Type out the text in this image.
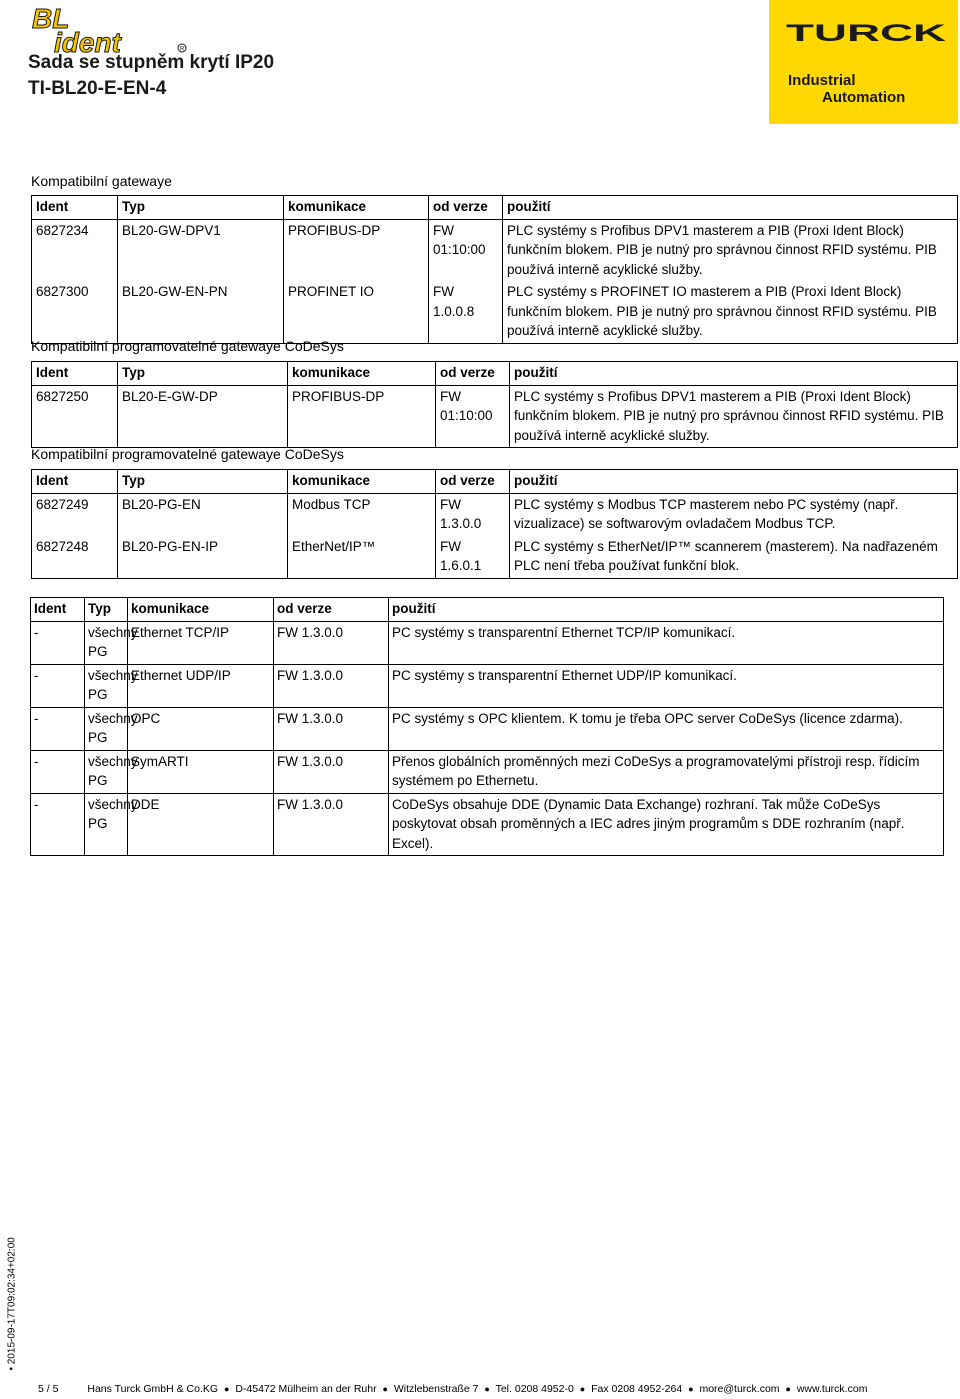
BL
ident	R
Sada se stupněm krytí IP20
TI-BL20-E-EN-4
TURCK
Industrial
Automation
Kompatibilní gatewaye
Ident	Typ	komunikace	od verze	použití
6827234	BL20-GW-DPV1	PROFIBUS-DP	FW 01:10:00	PLC systémy s Profibus DPV1 masterem a PIB (Proxi Ident Block) funkčním blokem. PIB je nutný pro správnou činnost RFID systému. PIB používá interně acyklické služby.
6827300	BL20-GW-EN-PN	PROFINET IO	FW 1.0.0.8	PLC systémy s PROFINET IO masterem a PIB (Proxi Ident Block) funkčním blokem. PIB je nutný pro správnou činnost RFID systému. PIB používá interně acyklické služby.
Kompatibilní programovatelné gatewaye CoDeSys
Ident	Typ	komunikace	od verze	použití
6827250	BL20-E-GW-DP	PROFIBUS-DP	FW 01:10:00	PLC systémy s Profibus DPV1 masterem a PIB (Proxi Ident Block) funkčním blokem. PIB je nutný pro správnou činnost RFID systému. PIB používá interně acyklické služby.
Kompatibilní programovatelné gatewaye CoDeSys
Ident	Typ	komunikace	od verze	použití
6827249	BL20-PG-EN	Modbus TCP	FW 1.3.0.0	PLC systémy s Modbus TCP masterem nebo PC systémy (např. vizualizace) se softwarovým ovladačem Modbus TCP.
6827248	BL20-PG-EN-IP	EtherNet/IP™	FW 1.6.0.1	PLC systémy s EtherNet/IP™ scannerem (masterem). Na nadřazeném PLC není třeba používat funkční blok.
Ident	Typ	komunikace	od verze	použití
-	všechny PG	Ethernet TCP/IP	FW 1.3.0.0	PC systémy s transparentní Ethernet TCP/IP komunikací.
-	všechny PG	Ethernet UDP/IP	FW 1.3.0.0	PC systémy s transparentní Ethernet UDP/IP komunikací.
-	všechny PG	OPC	FW 1.3.0.0	PC systémy s OPC klientem. K tomu je třeba OPC server CoDeSys (licence zdarma).
-	všechny PG	SymARTI	FW 1.3.0.0	Přenos globálních proměnných mezi CoDeSys a programovatelými přístroji resp. řídicím systémem po Ethernetu.
-	všechny PG	DDE	FW 1.3.0.0	CoDeSys obsahuje DDE (Dynamic Data Exchange) rozhraní. Tak může CoDeSys poskytovat obsah proměnných a IEC adres jiným programům s DDE rozhraním (např. Excel).
• 2015-09-17T09:02:34+02:00
5 / 5	Hans Turck GmbH & Co.KG ● D-45472 Mülheim an der Ruhr ● Witzlebenstraße 7 ● Tel. 0208 4952-0 ● Fax 0208 4952-264 ● more@turck.com ● www.turck.com
